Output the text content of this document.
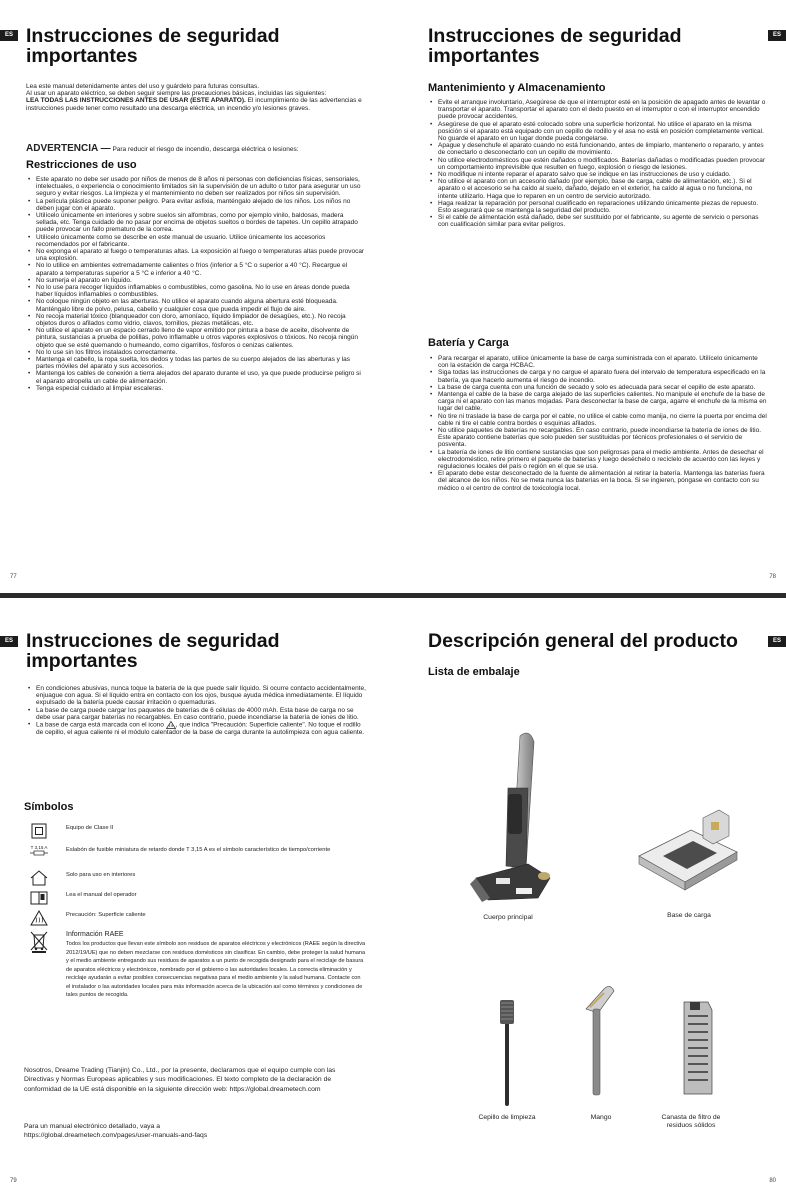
ES Instrucciones de seguridad importantes
Lea este manual detenidamente antes del uso y guárdelo para futuras consultas.
Al usar un aparato eléctrico, se deben seguir siempre las precauciones básicas, incluidas las siguientes:
LEA TODAS LAS INSTRUCCIONES ANTES DE USAR (ESTE APARATO). El incumplimiento de las advertencias e instrucciones puede tener como resultado una descarga eléctrica, un incendio y/o lesiones graves.
ADVERTENCIA — Para reducir el riesgo de incendio, descarga eléctrica o lesiones:
Restricciones de uso
• Este aparato no debe ser usado por niños de menos de 8 años ni personas con deficiencias físicas, sensoriales, intelectuales, o experiencia o conocimiento limitados sin la supervisión de un adulto o tutor para asegurar un uso seguro y evitar riesgos. La limpieza y el mantenimiento no deben ser realizados por niños sin supervisión.
• La película plástica puede suponer peligro. Para evitar asfixia, manténgalo alejado de los niños. Los niños no deben jugar con el aparato.
• Utilícelo únicamente en interiores y sobre suelos sin alfombras, como por ejemplo vinilo, baldosas, madera sellada, etc. Tenga cuidado de no pasar por encima de objetos sueltos o bordes de tapetes. Un cepillo atrapado puede provocar un fallo prematuro de la correa.
• Utilícelo únicamente como se describe en este manual de usuario. Utilice únicamente los accesorios recomendados por el fabricante.
• No exponga el aparato al fuego o temperaturas altas. La exposición al fuego o temperaturas altas puede provocar una explosión.
• No lo utilice en ambientes extremadamente calientes o fríos (inferior a 5 °C o superior a 40 °C). Recargue el aparato a temperaturas superior a 5 °C e inferior a 40 °C.
• No sumerja el aparato en líquido.
• No lo use para recoger líquidos inflamables o combustibles, como gasolina. No lo use en áreas donde pueda haber líquidos inflamables o combustibles.
• No coloque ningún objeto en las aberturas. No utilice el aparato cuando alguna abertura esté bloqueada. Manténgalo libre de polvo, pelusa, cabello y cualquier cosa que pueda impedir el flujo de aire.
• No recoja material tóxico (blanqueador con cloro, amoníaco, líquido limpiador de desagües, etc.). No recoja objetos duros o afilados como vidrio, clavos, tornillos, piezas metálicas, etc.
• No utilice el aparato en un espacio cerrado lleno de vapor emitido por pintura a base de aceite, disolvente de pintura, sustancias a prueba de polillas, polvo inflamable u otros vapores explosivos o tóxicos. No recoja ningún objeto que se esté quemando o humeando, como cigarrillos, fósforos o cenizas calientes.
• No lo use sin los filtros instalados correctamente.
• Mantenga el cabello, la ropa suelta, los dedos y todas las partes de su cuerpo alejados de las aberturas y las partes móviles del aparato y sus accesorios.
• Mantenga los cables de conexión a tierra alejados del aparato durante el uso, ya que puede producirse peligro si el aparato atropella un cable de alimentación.
• Tenga especial cuidado al limpiar escaleras.
77
ES
Instrucciones de seguridad importantes
Mantenimiento y Almacenamiento
• Evite el arranque involuntario, Asegúrese de que el interruptor esté en la posición de apagado antes de levantar o transportar el aparato. Transportar el aparato con el dedo puesto en el interruptor o con el interruptor encendido puede provocar accidentes.
• Asegúrese de que el aparato esté colocado sobre una superficie horizontal. No utilice el aparato en la misma posición si el aparato está equipado con un cepillo de rodillo y el asa no está en posición completamente vertical. No guarde el aparato en un lugar donde pueda congelarse.
• Apague y desenchufe el aparato cuando no está funcionando, antes de limpiarlo, mantenerlo o repararlo, y antes de conectarlo o desconectarlo con un cepillo de movimiento.
• No utilice electrodomésticos que estén dañados o modificados. Baterías dañadas o modificadas pueden provocar un comportamiento imprevisible que resulten en fuego, explosión o riesgo de lesiones.
• No modifique ni intente reparar el aparato salvo que se indique en las instrucciones de uso y cuidado.
• No utilice el aparato con un accesorio dañado (por ejemplo, base de carga, cable de alimentación, etc.). Si el aparato o el accesorio se ha caído al suelo, dañado, dejado en el exterior, ha caído al agua o no funciona, no intente utilizarlo. Haga que lo reparen en un centro de servicio autorizado.
• Haga realizar la reparación por personal cualificado en reparaciones utilizando únicamente piezas de repuesto. Esto asegurará que se mantenga la seguridad del producto.
• Si el cable de alimentación está dañado, debe ser sustituido por el fabricante, su agente de servicio o personas con cualificación similar para evitar peligros.
Batería y Carga
• Para recargar el aparato, utilice únicamente la base de carga suministrada con el aparato. Utilícelo únicamente con la estación de carga HCBAC.
• Siga todas las instrucciones de carga y no cargue el aparato fuera del intervalo de temperatura especificado en la batería, ya que hacerlo aumenta el riesgo de incendio.
• La base de carga cuenta con una función de secado y solo es adecuada para secar el cepillo de este aparato.
• Mantenga el cable de la base de carga alejado de las superficies calientes. No manipule el enchufe de la base de carga ni el aparato con las manos mojadas. Para desconectar la base de carga, agarre el enchufe de la misma en lugar del cable.
• No tire ni traslade la base de carga por el cable, no utilice el cable como manija, no cierre la puerta por encima del cable ni tire el cable contra bordes o esquinas afilados.
• No utilice paquetes de baterías no recargables. En caso contrario, puede incendiarse la batería de iones de litio. Este aparato contiene baterías que solo pueden ser sustituidas por técnicos profesionales o el servicio de posventa.
• La batería de iones de litio contiene sustancias que son peligrosas para el medio ambiente. Antes de desechar el electrodoméstico, retire primero el paquete de baterías y luego deséchelo o recíclelo de acuerdo con las leyes y regulaciones locales del país o región en el que se usa.
• El aparato debe estar desconectado de la fuente de alimentación al retirar la batería. Mantenga las baterías fuera del alcance de los niños. No se meta nunca las baterías en la boca. Si se ingieren, póngase en contacto con su médico o el centro de control de toxicología local.
78
ES Instrucciones de seguridad importantes
• En condiciones abusivas, nunca toque la batería de la que puede salir líquido. Si ocurre contacto accidentalmente, enjuague con agua. Si el líquido entra en contacto con los ojos, busque ayuda médica inmediatamente. El líquido expulsado de la batería puede causar irritación o quemaduras.
• La base de carga puede cargar los paquetes de baterías de 6 células de 4000 mAh. Esta base de carga no se debe usar para cargar baterías no recargables. En caso contrario, puede incendiarse la batería de iones de litio.
• La base de carga está marcada con el icono , que indica "Precaución: Superficie caliente". No toque el rodillo de cepillo, el agua caliente ni el módulo calentador de la base de carga durante la autolimpieza con agua caliente.
Símbolos
Equipo de Clase II
T 3,15 A	Eslabón de fusible miniatura de retardo donde T 3,15 A es el símbolo característico de tiempo/corriente
Solo para uso en interiores
Lea el manual del operador
Precaución: Superficie caliente
Información RAEE
Todos los productos que llevan este símbolo son residuos de aparatos eléctricos y electrónicos (RAEE según la directiva 2012/19/UE) que no deben mezclarse con residuos domésticos sin clasificar. En cambio, debe proteger la salud humana y el medio ambiente entregando sus residuos de aparatos a un punto de recogida designado para el reciclaje de basura de aparatos eléctricos y electrónicos, nombrado por el gobierno o las autoridades locales. La correcta eliminación y reciclaje ayudarán a evitar posibles consecuencias negativas para el medio ambiente y la salud humana. Contacte con el instalador o las autoridades locales para más información acerca de la ubicación así como términos y condiciones de tales puntos de recogida.
Nosotros, Dreame Trading (Tianjin) Co., Ltd., por la presente, declaramos que el equipo cumple con las Directivas y Normas Europeas aplicables y sus modificaciones. El texto completo de la declaración de conformidad de la UE está disponible en la siguiente dirección web: https://global.dreametech.com
Para un manual electrónico detallado, vaya a https://global.dreametech.com/pages/user-manuals-and-faqs
79
ES
Descripción general del producto
Lista de embalaje
Cuerpo principal	Base de carga
Cepillo de limpieza	Mango	Canasta de filtro de residuos sólidos
80
